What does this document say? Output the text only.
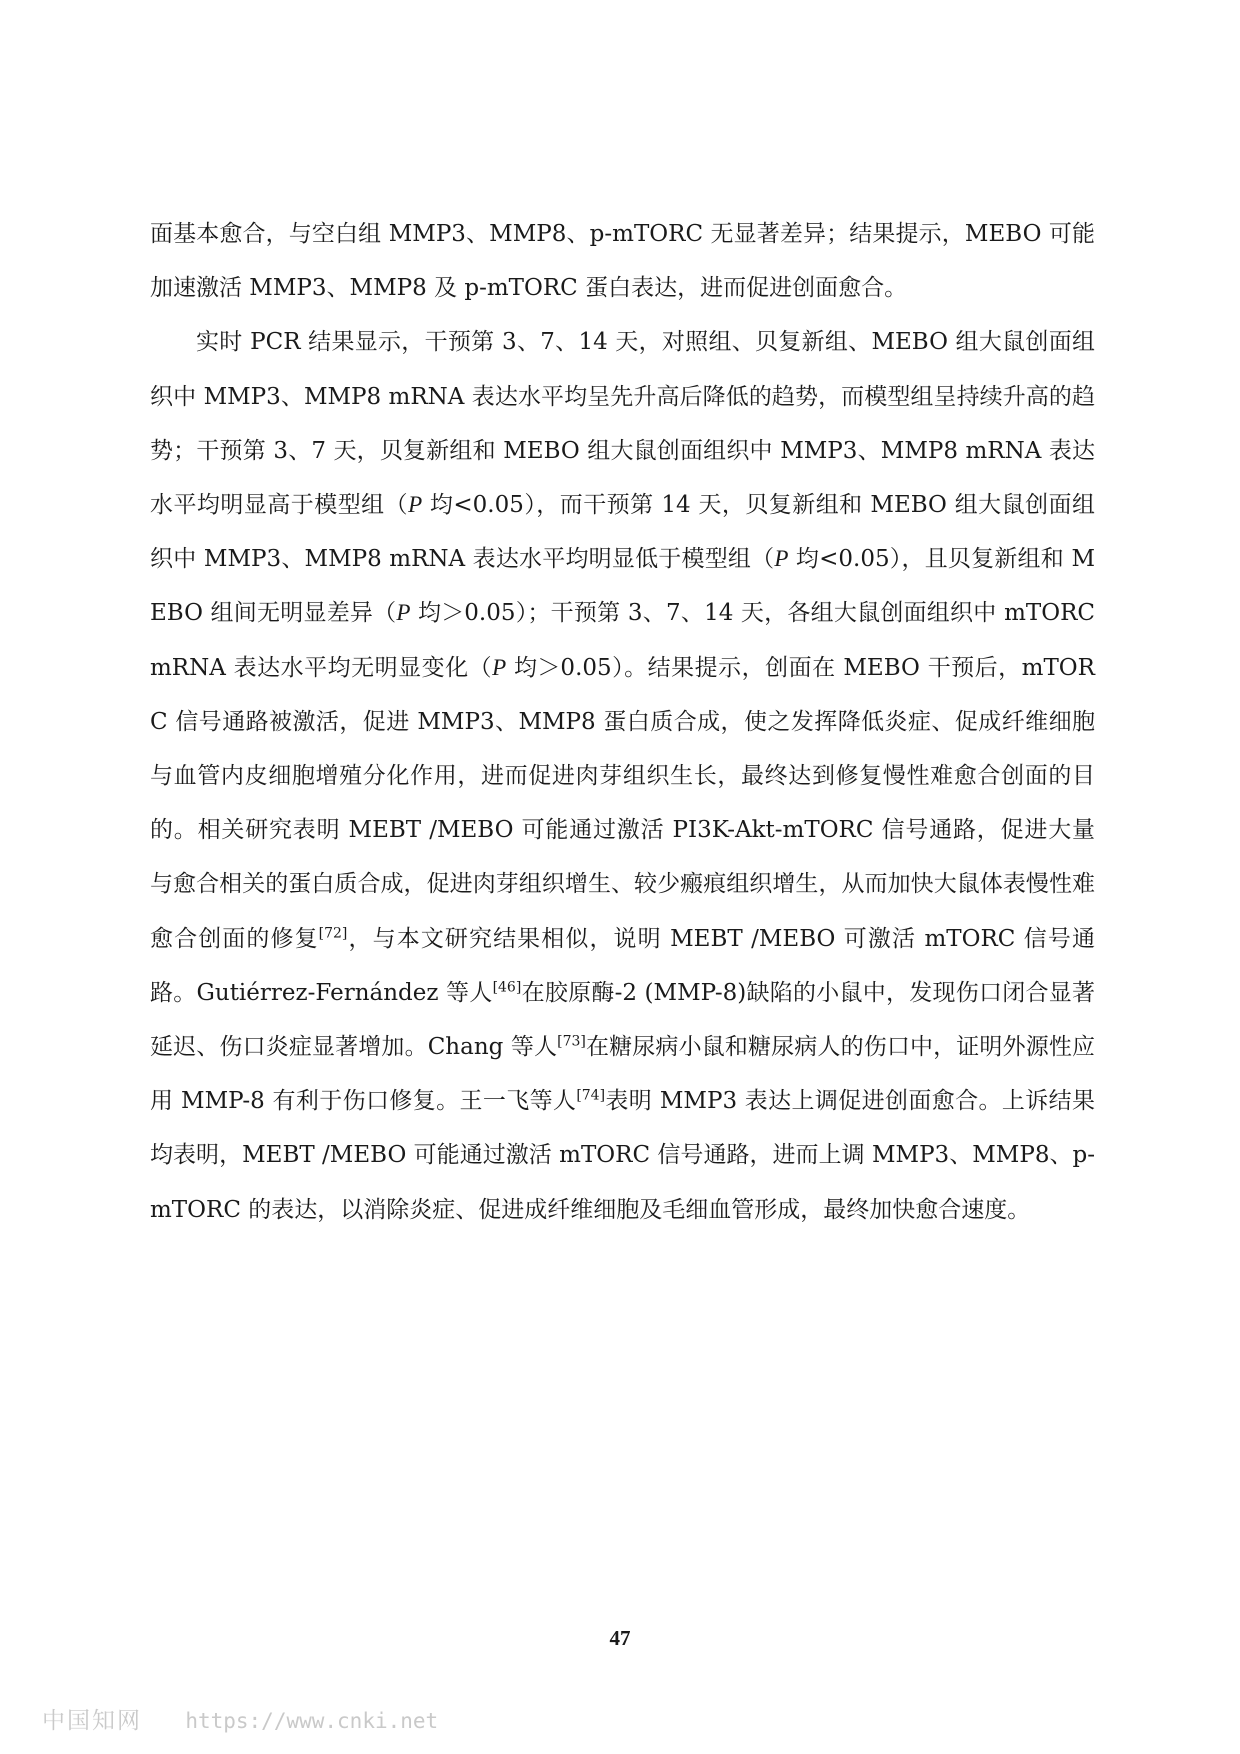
面基本愈合，与空白组 MMP3、MMP8、p-mTORC 无显著差异；结果提示，MEBO 可能加速激活 MMP3、MMP8 及 p-mTORC 蛋白表达，进而促进创面愈合。

实时 PCR 结果显示，干预第 3、7、14 天，对照组、贝复新组、MEBO 组大鼠创面组织中 MMP3、MMP8 mRNA 表达水平均呈先升高后降低的趋势，而模型组呈持续升高的趋势；干预第 3、7 天，贝复新组和 MEBO 组大鼠创面组织中 MMP3、MMP8 mRNA 表达水平均明显高于模型组（P 均<0.05），而干预第 14 天，贝复新组和 MEBO 组大鼠创面组织中 MMP3、MMP8 mRNA 表达水平均明显低于模型组（P 均<0.05），且贝复新组和 MEBO 组间无明显差异（P 均＞0.05）；干预第 3、7、14 天，各组大鼠创面组织中 mTORC mRNA 表达水平均无明显变化（P 均＞0.05）。结果提示，创面在 MEBO 干预后，mTORC 信号通路被激活，促进 MMP3、MMP8 蛋白质合成，使之发挥降低炎症、促成纤维细胞与血管内皮细胞增殖分化作用，进而促进肉芽组织生长，最终达到修复慢性难愈合创面的目的。相关研究表明 MEBT /MEBO 可能通过激活 PI3K-Akt-mTORC 信号通路，促进大量与愈合相关的蛋白质合成，促进肉芽组织增生、较少瘢痕组织增生，从而加快大鼠体表慢性难愈合创面的修复[72]，与本文研究结果相似，说明 MEBT /MEBO 可激活 mTORC 信号通路。Gutiérrez-Fernández 等人[46]在胶原酶-2 (MMP-8)缺陷的小鼠中，发现伤口闭合显著延迟、伤口炎症显著增加。Chang 等人[73]在糖尿病小鼠和糖尿病人的伤口中，证明外源性应用 MMP-8 有利于伤口修复。王一飞等人[74]表明 MMP3 表达上调促进创面愈合。上诉结果均表明，MEBT /MEBO 可能通过激活 mTORC 信号通路，进而上调 MMP3、MMP8、p-mTORC 的表达，以消除炎症、促进成纤维细胞及毛细血管形成，最终加快愈合速度。

47
中国知网 https://www.cnki.net
